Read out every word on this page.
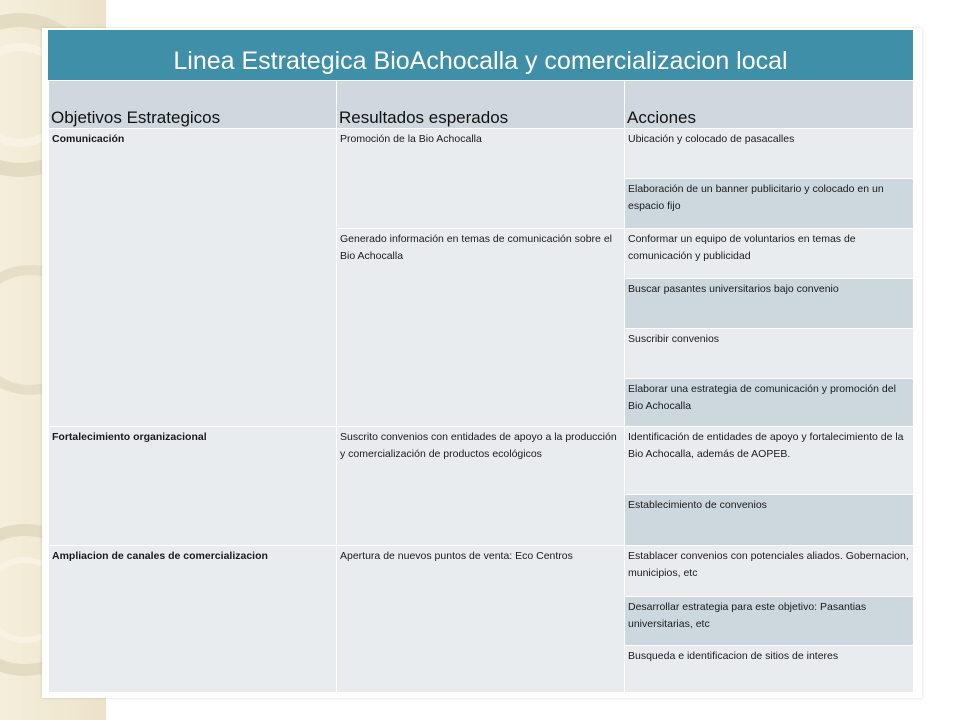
Linea Estrategica BioAchocalla y comercializacion local
Objetivos Estrategicos	Resultados esperados	Acciones
Comunicación	Promoción de la Bio Achocalla	Ubicación y colocado de pasacalles
		Elaboración de un banner publicitario y colocado en un espacio fijo
	Generado información en temas de comunicación sobre el Bio Achocalla	Conformar un equipo de voluntarios en temas de comunicación y publicidad
		Buscar pasantes universitarios bajo convenio
		Suscribir convenios
		Elaborar una estrategia de comunicación y promoción del Bio Achocalla
Fortalecimiento organizacional	Suscrito convenios con entidades de apoyo a la producción y comercialización de productos ecológicos	Identificación de entidades de apoyo y fortalecimiento de la Bio Achocalla, además de AOPEB.
		Establecimiento de convenios
Ampliacion de canales de comercializacion	Apertura de nuevos puntos de venta: Eco Centros	Establacer convenios con potenciales aliados. Gobernacion, municipios, etc
		Desarrollar estrategia para este objetivo: Pasantias universitarias, etc
		Busqueda e identificacion de sitios de interes
